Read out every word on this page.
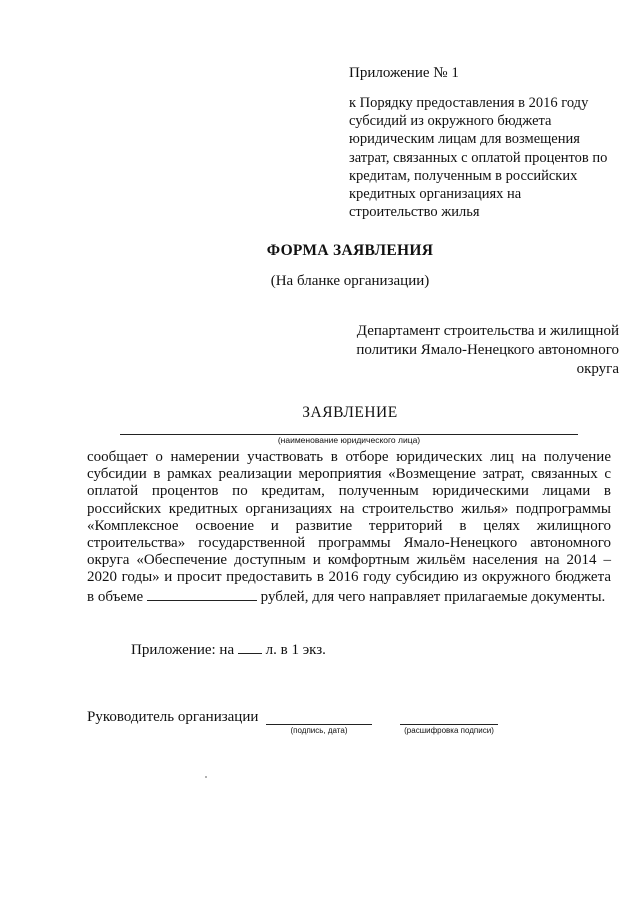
Приложение № 1
к Порядку предоставления в 2016 году субсидий из окружного бюджета юридическим лицам для возмещения затрат, связанных с оплатой процентов по кредитам, полученным в российских кредитных организациях на строительство жилья
ФОРМА ЗАЯВЛЕНИЯ
(На бланке организации)
Департамент строительства и жилищной политики Ямало-Ненецкого автономного округа
ЗАЯВЛЕНИЕ
(наименование юридического лица)
сообщает о намерении участвовать в отборе юридических лиц на получение субсидии в рамках реализации мероприятия «Возмещение затрат, связанных с оплатой процентов по кредитам, полученным юридическими лицами в российских кредитных организациях на строительство жилья» подпрограммы «Комплексное освоение и развитие территорий в целях жилищного строительства» государственной программы Ямало-Ненецкого автономного округа «Обеспечение доступным и комфортным жильём населения на 2014 – 2020 годы» и просит предоставить в 2016 году субсидию из окружного бюджета в объеме	рублей, для чего направляет прилагаемые документы.
Приложение: на  л. в 1 экз.
Руководитель организации
(подпись, дата)	(расшифровка подписи)
